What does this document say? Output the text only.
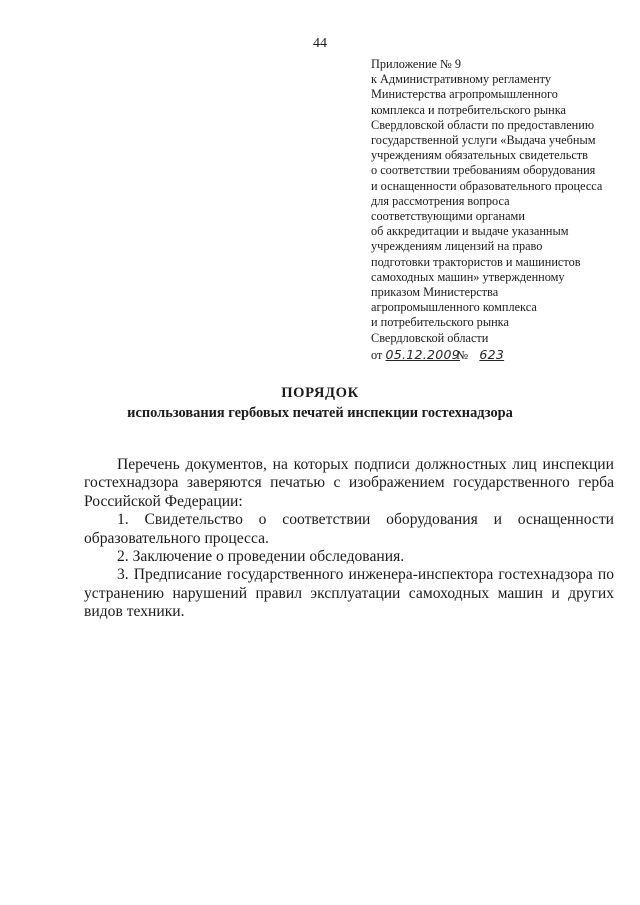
44
Приложение № 9
к Административному регламенту
Министерства агропромышленного
комплекса и потребительского рынка
Свердловской области по предоставлению
государственной услуги «Выдача учебным
учреждениям обязательных свидетельств
о соответствии требованиям оборудования
и оснащенности образовательного процесса
для рассмотрения вопроса
соответствующими органами
об аккредитации и выдаче указанным
учреждениям лицензий на право
подготовки трактористов и машинистов
самоходных машин» утвержденному
приказом Министерства
агропромышленного комплекса
и потребительского рынка
Свердловской области
от 05.12.2009 № 623
ПОРЯДОК
использования гербовых печатей инспекции гостехнадзора

Перечень документов, на которых подписи должностных лиц инспекции гостехнадзора заверяются печатью с изображением государственного герба Российской Федерации:

1. Свидетельство о соответствии оборудования и оснащенности образовательного процесса.

2. Заключение о проведении обследования.

3. Предписание государственного инженера-инспектора гостехнадзора по устранению нарушений правил эксплуатации самоходных машин и других видов техники.
